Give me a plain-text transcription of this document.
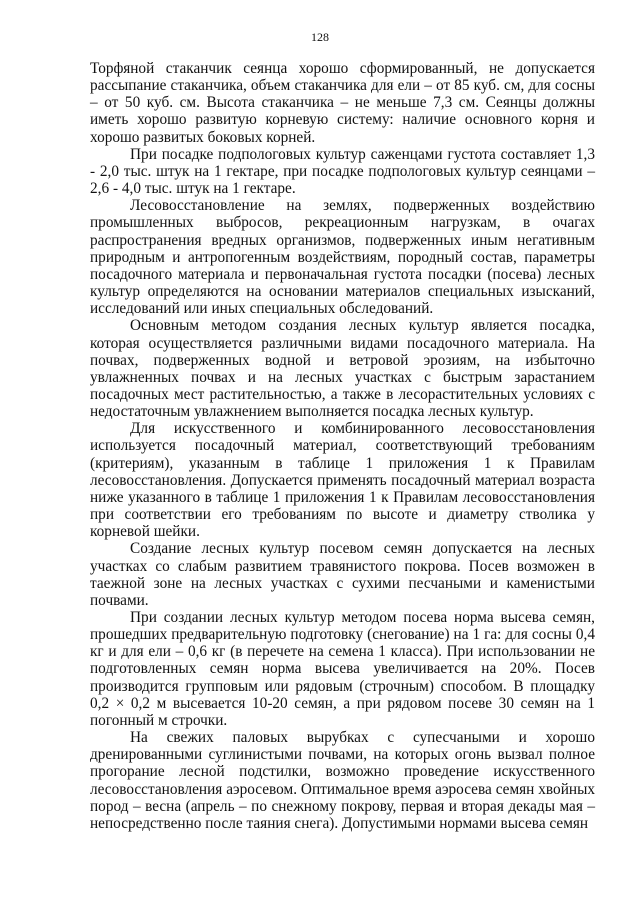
128

Торфяной стаканчик сеянца хорошо сформированный, не допускается рассыпание стаканчика, объем стаканчика для ели – от 85 куб. см, для сосны – от 50 куб. см. Высота стаканчика – не меньше 7,3 см. Сеянцы должны иметь хорошо развитую корневую систему: наличие основного корня и хорошо развитых боковых корней.

При посадке подпологовых культур саженцами густота составляет 1,3 - 2,0 тыс. штук на 1 гектаре, при посадке подпологовых культур сеянцами – 2,6 - 4,0 тыс. штук на 1 гектаре.

Лесовосстановление на землях, подверженных воздействию промышленных выбросов, рекреационным нагрузкам, в очагах распространения вредных организмов, подверженных иным негативным природным и антропогенным воздействиям, породный состав, параметры посадочного материала и первоначальная густота посадки (посева) лесных культур определяются на основании материалов специальных изысканий, исследований или иных специальных обследований.

Основным методом создания лесных культур является посадка, которая осуществляется различными видами посадочного материала. На почвах, подверженных водной и ветровой эрозиям, на избыточно увлажненных почвах и на лесных участках с быстрым зарастанием посадочных мест растительностью, а также в лесорастительных условиях с недостаточным увлажнением выполняется посадка лесных культур.

Для искусственного и комбинированного лесовосстановления используется посадочный материал, соответствующий требованиям (критериям), указанным в таблице 1 приложения 1 к Правилам лесовосстановления. Допускается применять посадочный материал возраста ниже указанного в таблице 1 приложения 1 к Правилам лесовосстановления при соответствии его требованиям по высоте и диаметру стволика у корневой шейки.

Создание лесных культур посевом семян допускается на лесных участках со слабым развитием травянистого покрова. Посев возможен в таежной зоне на лесных участках с сухими песчаными и каменистыми почвами.

При создании лесных культур методом посева норма высева семян, прошедших предварительную подготовку (снегование) на 1 га: для сосны 0,4 кг и для ели – 0,6 кг (в перечете на семена 1 класса). При использовании не подготовленных семян норма высева увеличивается на 20%. Посев производится групповым или рядовым (строчным) способом. В площадку 0,2 × 0,2 м высевается 10-20 семян, а при рядовом посеве 30 семян на 1 погонный м строчки.

На свежих паловых вырубках с супесчаными и хорошо дренированными суглинистыми почвами, на которых огонь вызвал полное прогорание лесной подстилки, возможно проведение искусственного лесовосстановления аэросевом. Оптимальное время аэросева семян хвойных пород – весна (апрель – по снежному покрову, первая и вторая декады мая – непосредственно после таяния снега). Допустимыми нормами высева семян
